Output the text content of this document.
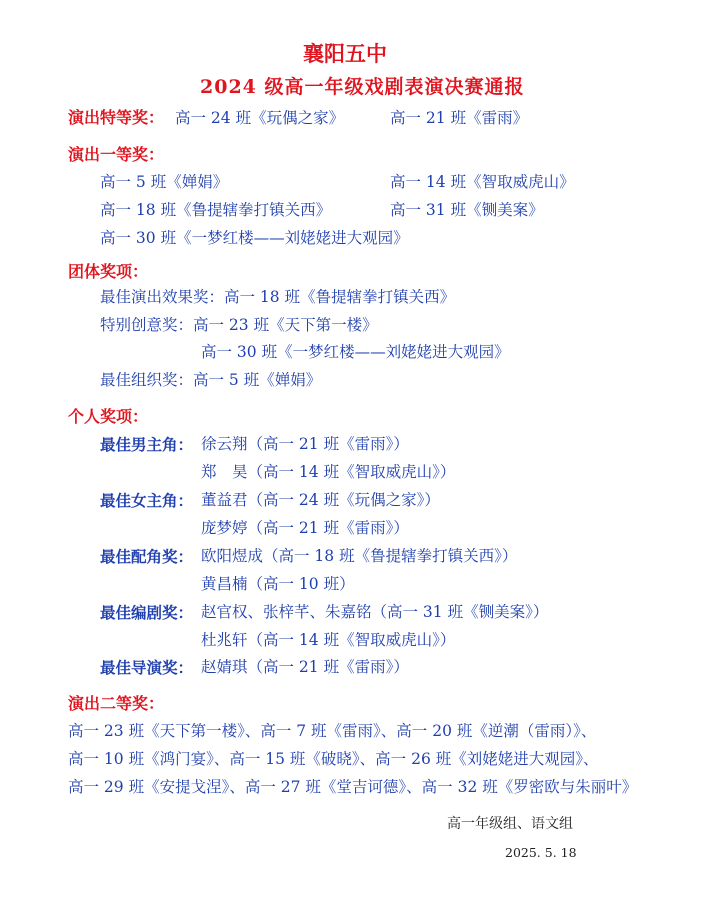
襄阳五中
2024 级高一年级戏剧表演决赛通报
演出特等奖： 高一 24 班《玩偶之家》	高一 21 班《雷雨》
演出一等奖：
高一 5 班《婵娟》	高一 14 班《智取威虎山》
高一 18 班《鲁提辖拳打镇关西》	高一 31 班《铡美案》
高一 30 班《一梦红楼——刘姥姥进大观园》
团体奖项：
最佳演出效果奖：高一 18 班《鲁提辖拳打镇关西》
特别创意奖：高一 23 班《天下第一楼》
高一 30 班《一梦红楼——刘姥姥进大观园》
最佳组织奖：高一 5 班《婵娟》
个人奖项：
最佳男主角： 徐云翔（高一 21 班《雷雨》）
郑　昊（高一 14 班《智取威虎山》）
最佳女主角： 董益君（高一 24 班《玩偶之家》）
庞梦婷（高一 21 班《雷雨》）
最佳配角奖： 欧阳煜成（高一 18 班《鲁提辖拳打镇关西》）
黄昌楠（高一 10 班）
最佳编剧奖： 赵官权、张梓芊、朱嘉铭（高一 31 班《铡美案》）
杜兆轩（高一 14 班《智取威虎山》）
最佳导演奖： 赵婧琪（高一 21 班《雷雨》）
演出二等奖：
高一 23 班《天下第一楼》、高一 7 班《雷雨》、高一 20 班《逆潮（雷雨）》、
高一 10 班《鸿门宴》、高一 15 班《破晓》、高一 26 班《刘姥姥进大观园》、
高一 29 班《安提戈涅》、高一 27 班《堂吉诃德》、高一 32 班《罗密欧与朱丽叶》
高一年级组、语文组
2025. 5. 18
